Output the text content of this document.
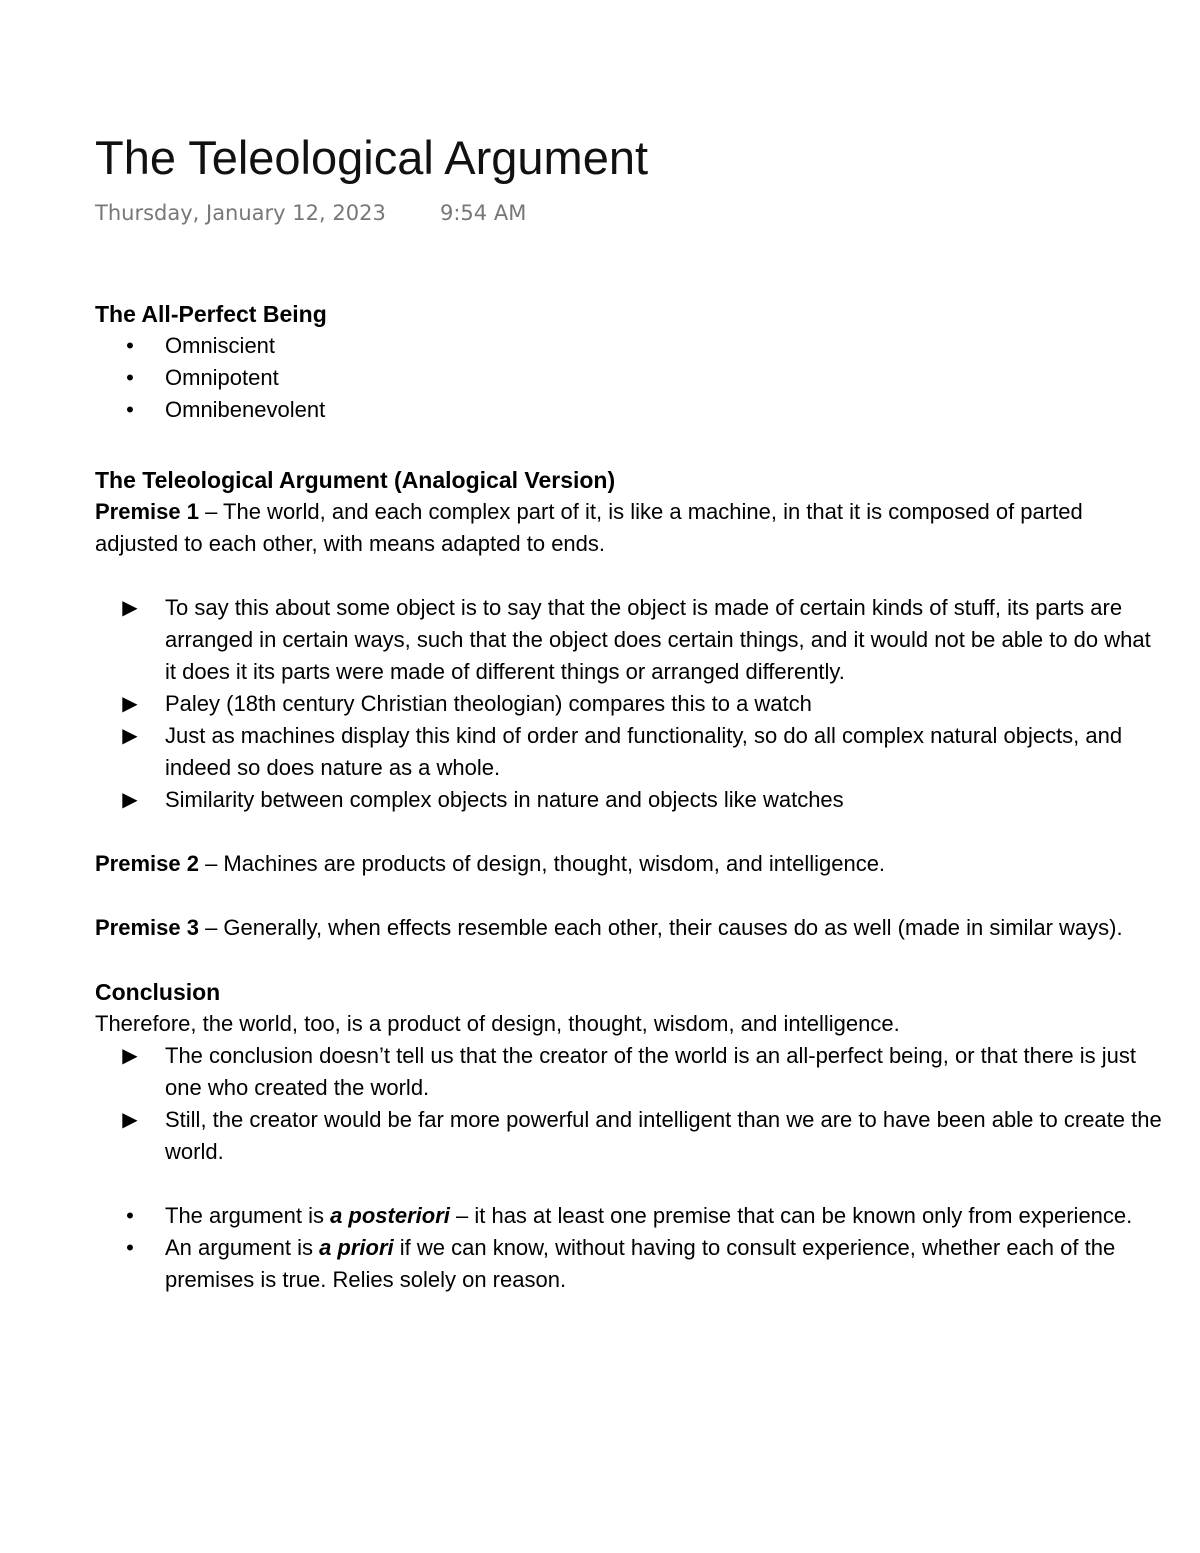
The Teleological Argument
Thursday, January 12, 2023	9:54 AM
The All-Perfect Being
•	Omniscient
•	Omnipotent
•	Omnibenevolent
The Teleological Argument (Analogical Version)

Premise 1 – The world, and each complex part of it, is like a machine, in that it is composed of parted adjusted to each other, with means adapted to ends.

▶	To say this about some object is to say that the object is made of certain kinds of stuff, its parts are arranged in certain ways, such that the object does certain things, and it would not be able to do what it does it its parts were made of different things or arranged differently.
▶	Paley (18th century Christian theologian) compares this to a watch
▶	Just as machines display this kind of order and functionality, so do all complex natural objects, and indeed so does nature as a whole.
▶	Similarity between complex objects in nature and objects like watches

Premise 2 – Machines are products of design, thought, wisdom, and intelligence.

Premise 3 – Generally, when effects resemble each other, their causes do as well (made in similar ways).

Conclusion

Therefore, the world, too, is a product of design, thought, wisdom, and intelligence.

▶	The conclusion doesn’t tell us that the creator of the world is an all-perfect being, or that there is just one who created the world.
▶	Still, the creator would be far more powerful and intelligent than we are to have been able to create the world.
•	The argument is a posteriori – it has at least one premise that can be known only from experience.
•	An argument is a priori if we can know, without having to consult experience, whether each of the premises is true. Relies solely on reason.
